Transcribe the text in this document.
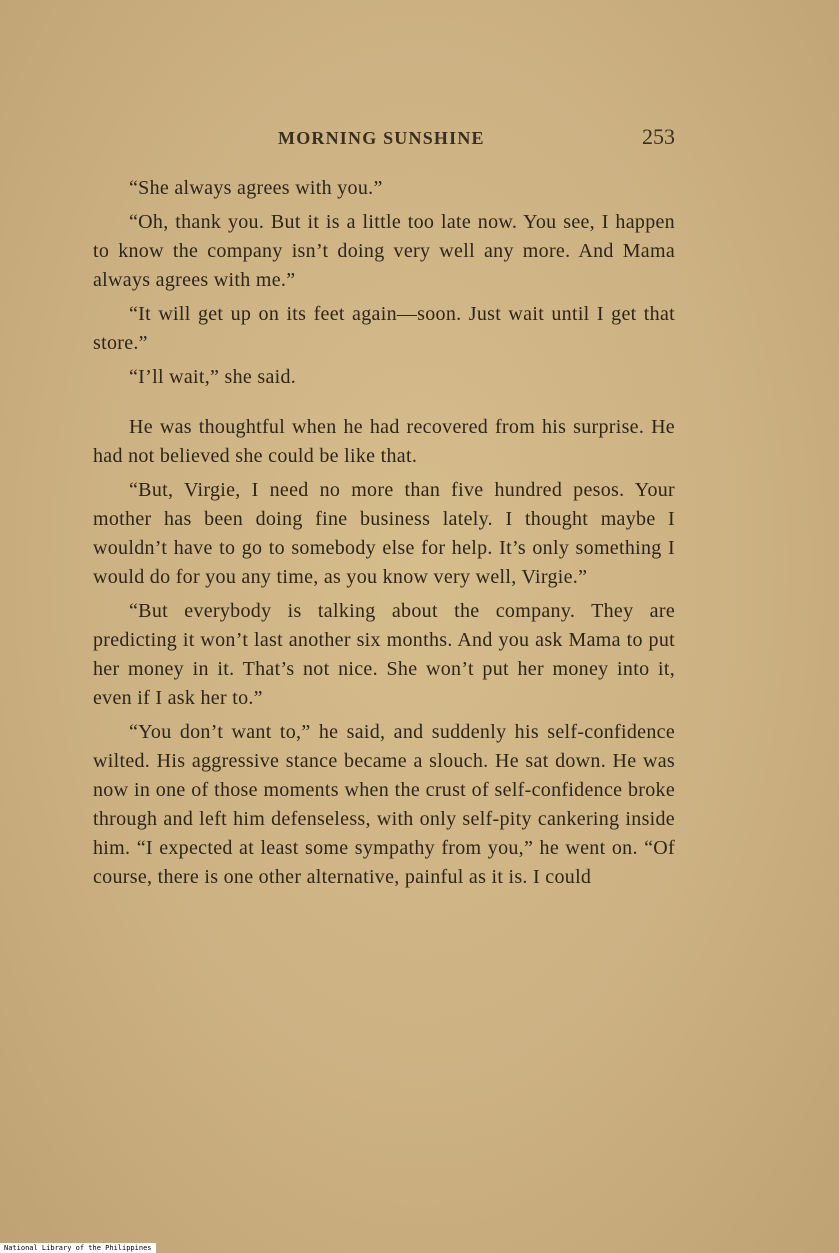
MORNING SUNSHINE	253

“She always agrees with you.”

“Oh, thank you. But it is a little too late now. You see, I happen to know the company isn’t doing very well any more. And Mama always agrees with me.”

“It will get up on its feet again—soon. Just wait until I get that store.”

“I’ll wait,” she said.

He was thoughtful when he had recovered from his surprise. He had not believed she could be like that.

“But, Virgie, I need no more than five hundred pesos. Your mother has been doing fine business lately. I thought maybe I wouldn’t have to go to somebody else for help. It’s only something I would do for you any time, as you know very well, Virgie.”

“But everybody is talking about the company. They are predicting it won’t last another six months. And you ask Mama to put her money in it. That’s not nice. She won’t put her money into it, even if I ask her to.”

“You don’t want to,” he said, and suddenly his self-confidence wilted. His aggressive stance became a slouch. He sat down. He was now in one of those moments when the crust of self-confidence broke through and left him defenseless, with only self-pity cankering inside him. “I expected at least some sympathy from you,” he went on. “Of course, there is one other alternative, painful as it is. I could

National Library of the Philippines
